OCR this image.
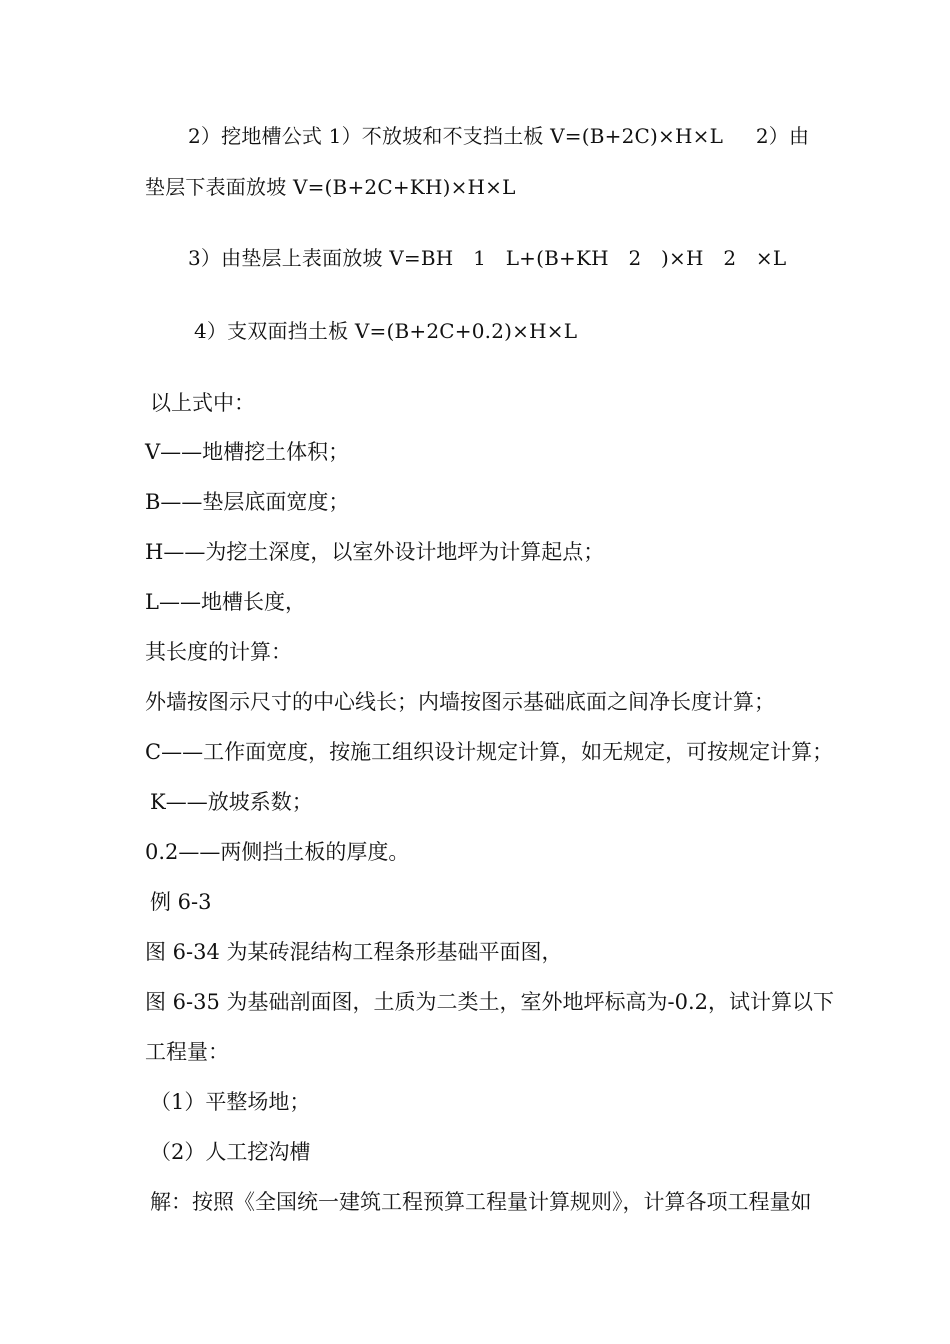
2）挖地槽公式 1）不放坡和不支挡土板 V=(B+2C)×H×L     2）由
垫层下表面放坡 V=(B+2C+KH)×H×L
3）由垫层上表面放坡 V=BH   1   L+(B+KH   2   )×H   2   ×L
4）支双面挡土板 V=(B+2C+0.2)×H×L
以上式中：
V——地槽挖土体积；
B——垫层底面宽度；
H——为挖土深度，以室外设计地坪为计算起点；
L——地槽长度，
其长度的计算：
外墙按图示尺寸的中心线长；内墙按图示基础底面之间净长度计算；
C——工作面宽度，按施工组织设计规定计算，如无规定，可按规定计算；
K——放坡系数；
0.2——两侧挡土板的厚度。
例 6-3
图 6-34 为某砖混结构工程条形基础平面图，
图 6-35 为基础剖面图，土质为二类土，室外地坪标高为-0.2，试计算以下
工程量：
（1）平整场地；
（2）人工挖沟槽
解：按照《全国统一建筑工程预算工程量计算规则》，计算各项工程量如
